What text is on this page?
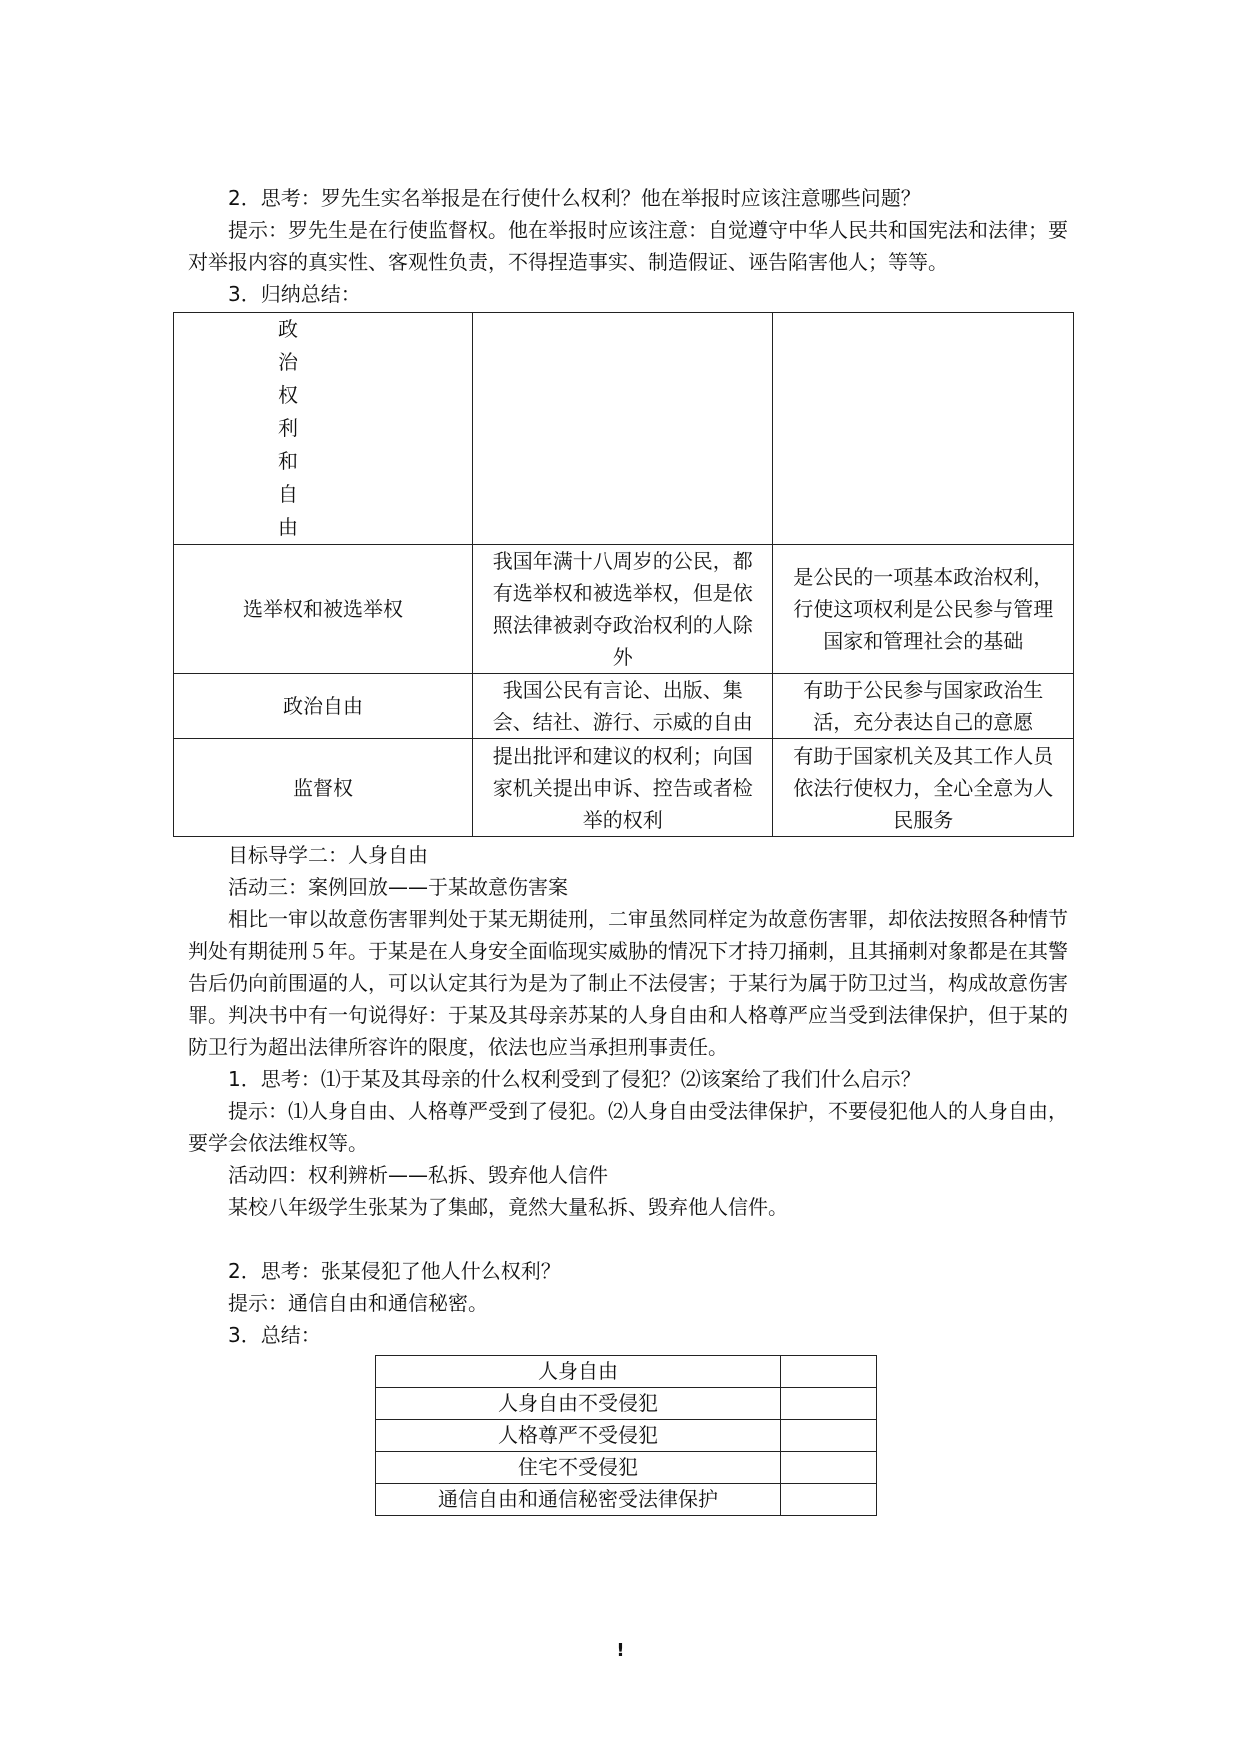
2．思考：罗先生实名举报是在行使什么权利？他在举报时应该注意哪些问题？

提示：罗先生是在行使监督权。他在举报时应该注意：自觉遵守中华人民共和国宪法和法律；要对举报内容的真实性、客观性负责，不得捏造事实、制造假证、诬告陷害他人；等等。

3．归纳总结：

政治权利和自由		
选举权和被选举权	我国年满十八周岁的公民，都有选举权和被选举权，但是依照法律被剥夺政治权利的人除外	是公民的一项基本政治权利，行使这项权利是公民参与管理国家和管理社会的基础
政治自由	我国公民有言论、出版、集会、结社、游行、示威的自由	有助于公民参与国家政治生活，充分表达自己的意愿
监督权	提出批评和建议的权利；向国家机关提出申诉、控告或者检举的权利	有助于国家机关及其工作人员依法行使权力，全心全意为人民服务

目标导学二：人身自由

活动三：案例回放——于某故意伤害案

相比一审以故意伤害罪判处于某无期徒刑，二审虽然同样定为故意伤害罪，却依法按照各种情节判处有期徒刑５年。于某是在人身安全面临现实威胁的情况下才持刀捅刺，且其捅刺对象都是在其警告后仍向前围逼的人，可以认定其行为是为了制止不法侵害；于某行为属于防卫过当，构成故意伤害罪。判决书中有一句说得好：于某及其母亲苏某的人身自由和人格尊严应当受到法律保护，但于某的防卫行为超出法律所容许的限度，依法也应当承担刑事责任。

1．思考：⑴于某及其母亲的什么权利受到了侵犯？⑵该案给了我们什么启示？

提示：⑴人身自由、人格尊严受到了侵犯。⑵人身自由受法律保护，不要侵犯他人的人身自由，要学会依法维权等。

活动四：权利辨析——私拆、毁弃他人信件

某校八年级学生张某为了集邮，竟然大量私拆、毁弃他人信件。

2．思考：张某侵犯了他人什么权利？

提示：通信自由和通信秘密。

3．总结：

人身自由	
人身自由不受侵犯	
人格尊严不受侵犯	
住宅不受侵犯	
通信自由和通信秘密受法律保护	
!
